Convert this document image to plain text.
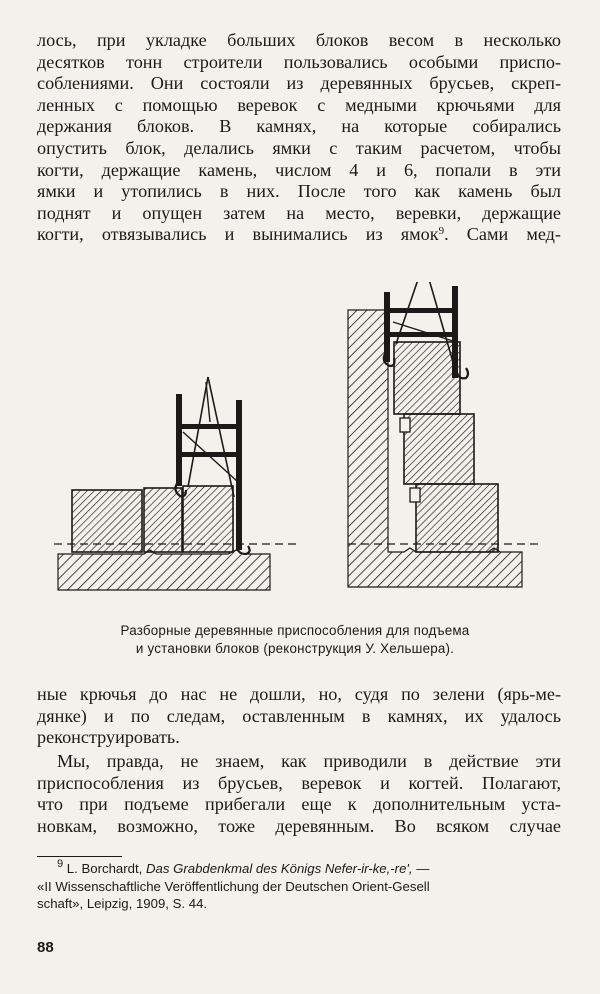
лось, при укладке больших блоков весом в несколько
десятков тонн строители пользовались особыми приспо-
соблениями. Они состояли из деревянных брусьев, скреп-
ленных с помощью веревок с медными крючьями для
держания блоков. В камнях, на которые собирались
опустить блок, делались ямки с таким расчетом, чтобы
когти, держащие камень, числом 4 и 6, попали в эти
ямки и утопились в них. После того как камень был
поднят и опущен затем на место, веревки, держащие
когти, отвязывались и вынимались из ямок$^9$. Сами мед-
Разборные деревянные приспособления для подъема
и установки блоков (реконструкция У. Хельшера).
ные крючья до нас не дошли, но, судя по зелени (ярь-ме-
дянке) и по следам, оставленным в камнях, их удалось
реконструировать.
Мы, правда, не знаем, как приводили в действие эти
приспособления из брусьев, веревок и когтей. Полагают,
что при подъеме прибегали еще к дополнительным уста-
новкам, возможно, тоже деревянным. Во всяком случае
$^9$ L. Borchardt, Das Grabdenkmal des Königs Nefer-ir-ke,-re', —
«II Wissenschaftliche Veröffentlichung der Deutschen Orient-Gesell
schaft», Leipzig, 1909, S. 44.
88
